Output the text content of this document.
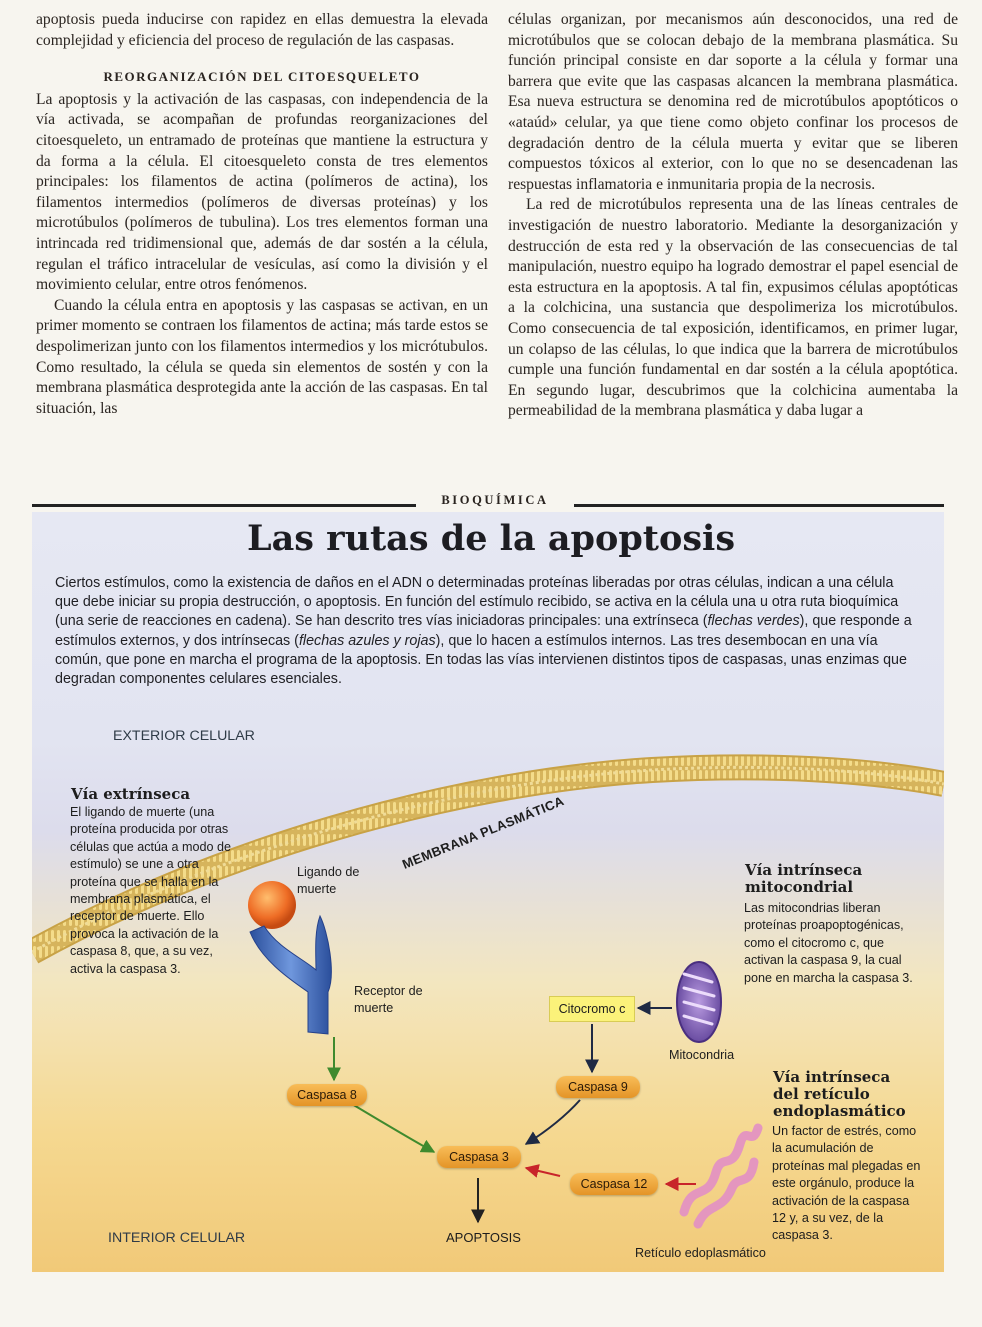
apoptosis pueda inducirse con rapidez en ellas demuestra la elevada complejidad y eficiencia del proceso de regulación de las caspasas.

REORGANIZACIÓN DEL CITOESQUELETO

La apoptosis y la activación de las caspasas, con independencia de la vía activada, se acompañan de profundas reorganizaciones del citoesqueleto, un entramado de proteínas que mantiene la estructura y da forma a la célula. El citoesqueleto consta de tres elementos principales: los filamentos de actina (polímeros de actina), los filamentos intermedios (polímeros de diversas proteínas) y los microtúbulos (polímeros de tubulina). Los tres elementos forman una intrincada red tridimensional que, además de dar sostén a la célula, regulan el tráfico intracelular de vesículas, así como la división y el movimiento celular, entre otros fenómenos.

Cuando la célula entra en apoptosis y las caspasas se activan, en un primer momento se contraen los filamentos de actina; más tarde estos se despolimerizan junto con los filamentos intermedios y los micrótubulos. Como resultado, la célula se queda sin elementos de sostén y con la membrana plasmática desprotegida ante la acción de las caspasas. En tal situación, las

células organizan, por mecanismos aún desconocidos, una red de microtúbulos que se colocan debajo de la membrana plasmática. Su función principal consiste en dar soporte a la célula y formar una barrera que evite que las caspasas alcancen la membrana plasmática. Esa nueva estructura se denomina red de microtúbulos apoptóticos o «ataúd» celular, ya que tiene como objeto confinar los procesos de degradación dentro de la célula muerta y evitar que se liberen compuestos tóxicos al exterior, con lo que no se desencadenan las respuestas inflamatoria e inmunitaria propia de la necrosis.

La red de microtúbulos representa una de las líneas centrales de investigación de nuestro laboratorio. Mediante la desorganización y destrucción de esta red y la observación de las consecuencias de tal manipulación, nuestro equipo ha logrado demostrar el papel esencial de esta estructura en la apoptosis. A tal fin, expusimos células apoptóticas a la colchicina, una sustancia que despolimeriza los microtúbulos. Como consecuencia de tal exposición, identificamos, en primer lugar, un colapso de las células, lo que indica que la barrera de microtúbulos cumple una función fundamental en dar sostén a la célula apoptótica. En segundo lugar, descubrimos que la colchicina aumentaba la permeabilidad de la membrana plasmática y daba lugar a

BIOQUÍMICA
EXTERIOR CELULAR
INTERIOR CELULAR
MEMBRANA PLASMÁTICA
Vía extrínseca
El ligando de muerte (una proteína producida por otras células que actúa a modo de estímulo) se une a otra proteína que se halla en la membrana plasmática, el receptor de muerte. Ello provoca la activación de la caspasa 8, que, a su vez, activa la caspasa 3.
Vía intrínseca mitocondrial
Las mitocondrias liberan proteínas proapoptogénicas, como el citocromo c, que activan la caspasa 9, la cual pone en marcha la caspasa 3.
Vía intrínseca del retículo endoplasmático
Un factor de estrés, como la acumulación de proteínas mal plegadas en este orgánulo, produce la activación de la caspasa 12 y, a su vez, de la caspasa 3.
Ligando de muerte
Receptor de muerte
Mitocondria
Retículo edoplasmático
Citocromo c
Caspasa 8
Caspasa 9
Caspasa 3
Caspasa 12
APOPTOSIS
Las rutas de la apoptosis
Ciertos estímulos, como la existencia de daños en el ADN o determinadas proteínas liberadas por otras células, indican a una célula que debe iniciar su propia destrucción, o apoptosis. En función del estímulo recibido, se activa en la célula una u otra ruta bioquímica (una serie de reacciones en cadena). Se han descrito tres vías iniciadoras principales: una extrínseca (flechas verdes), que responde a estímulos externos, y dos intrínsecas (flechas azules y rojas), que lo hacen a estímulos internos. Las tres desembocan en una vía común, que pone en marcha el programa de la apoptosis. En todas las vías intervienen distintos tipos de caspasas, unas enzimas que degradan componentes celulares esenciales.
